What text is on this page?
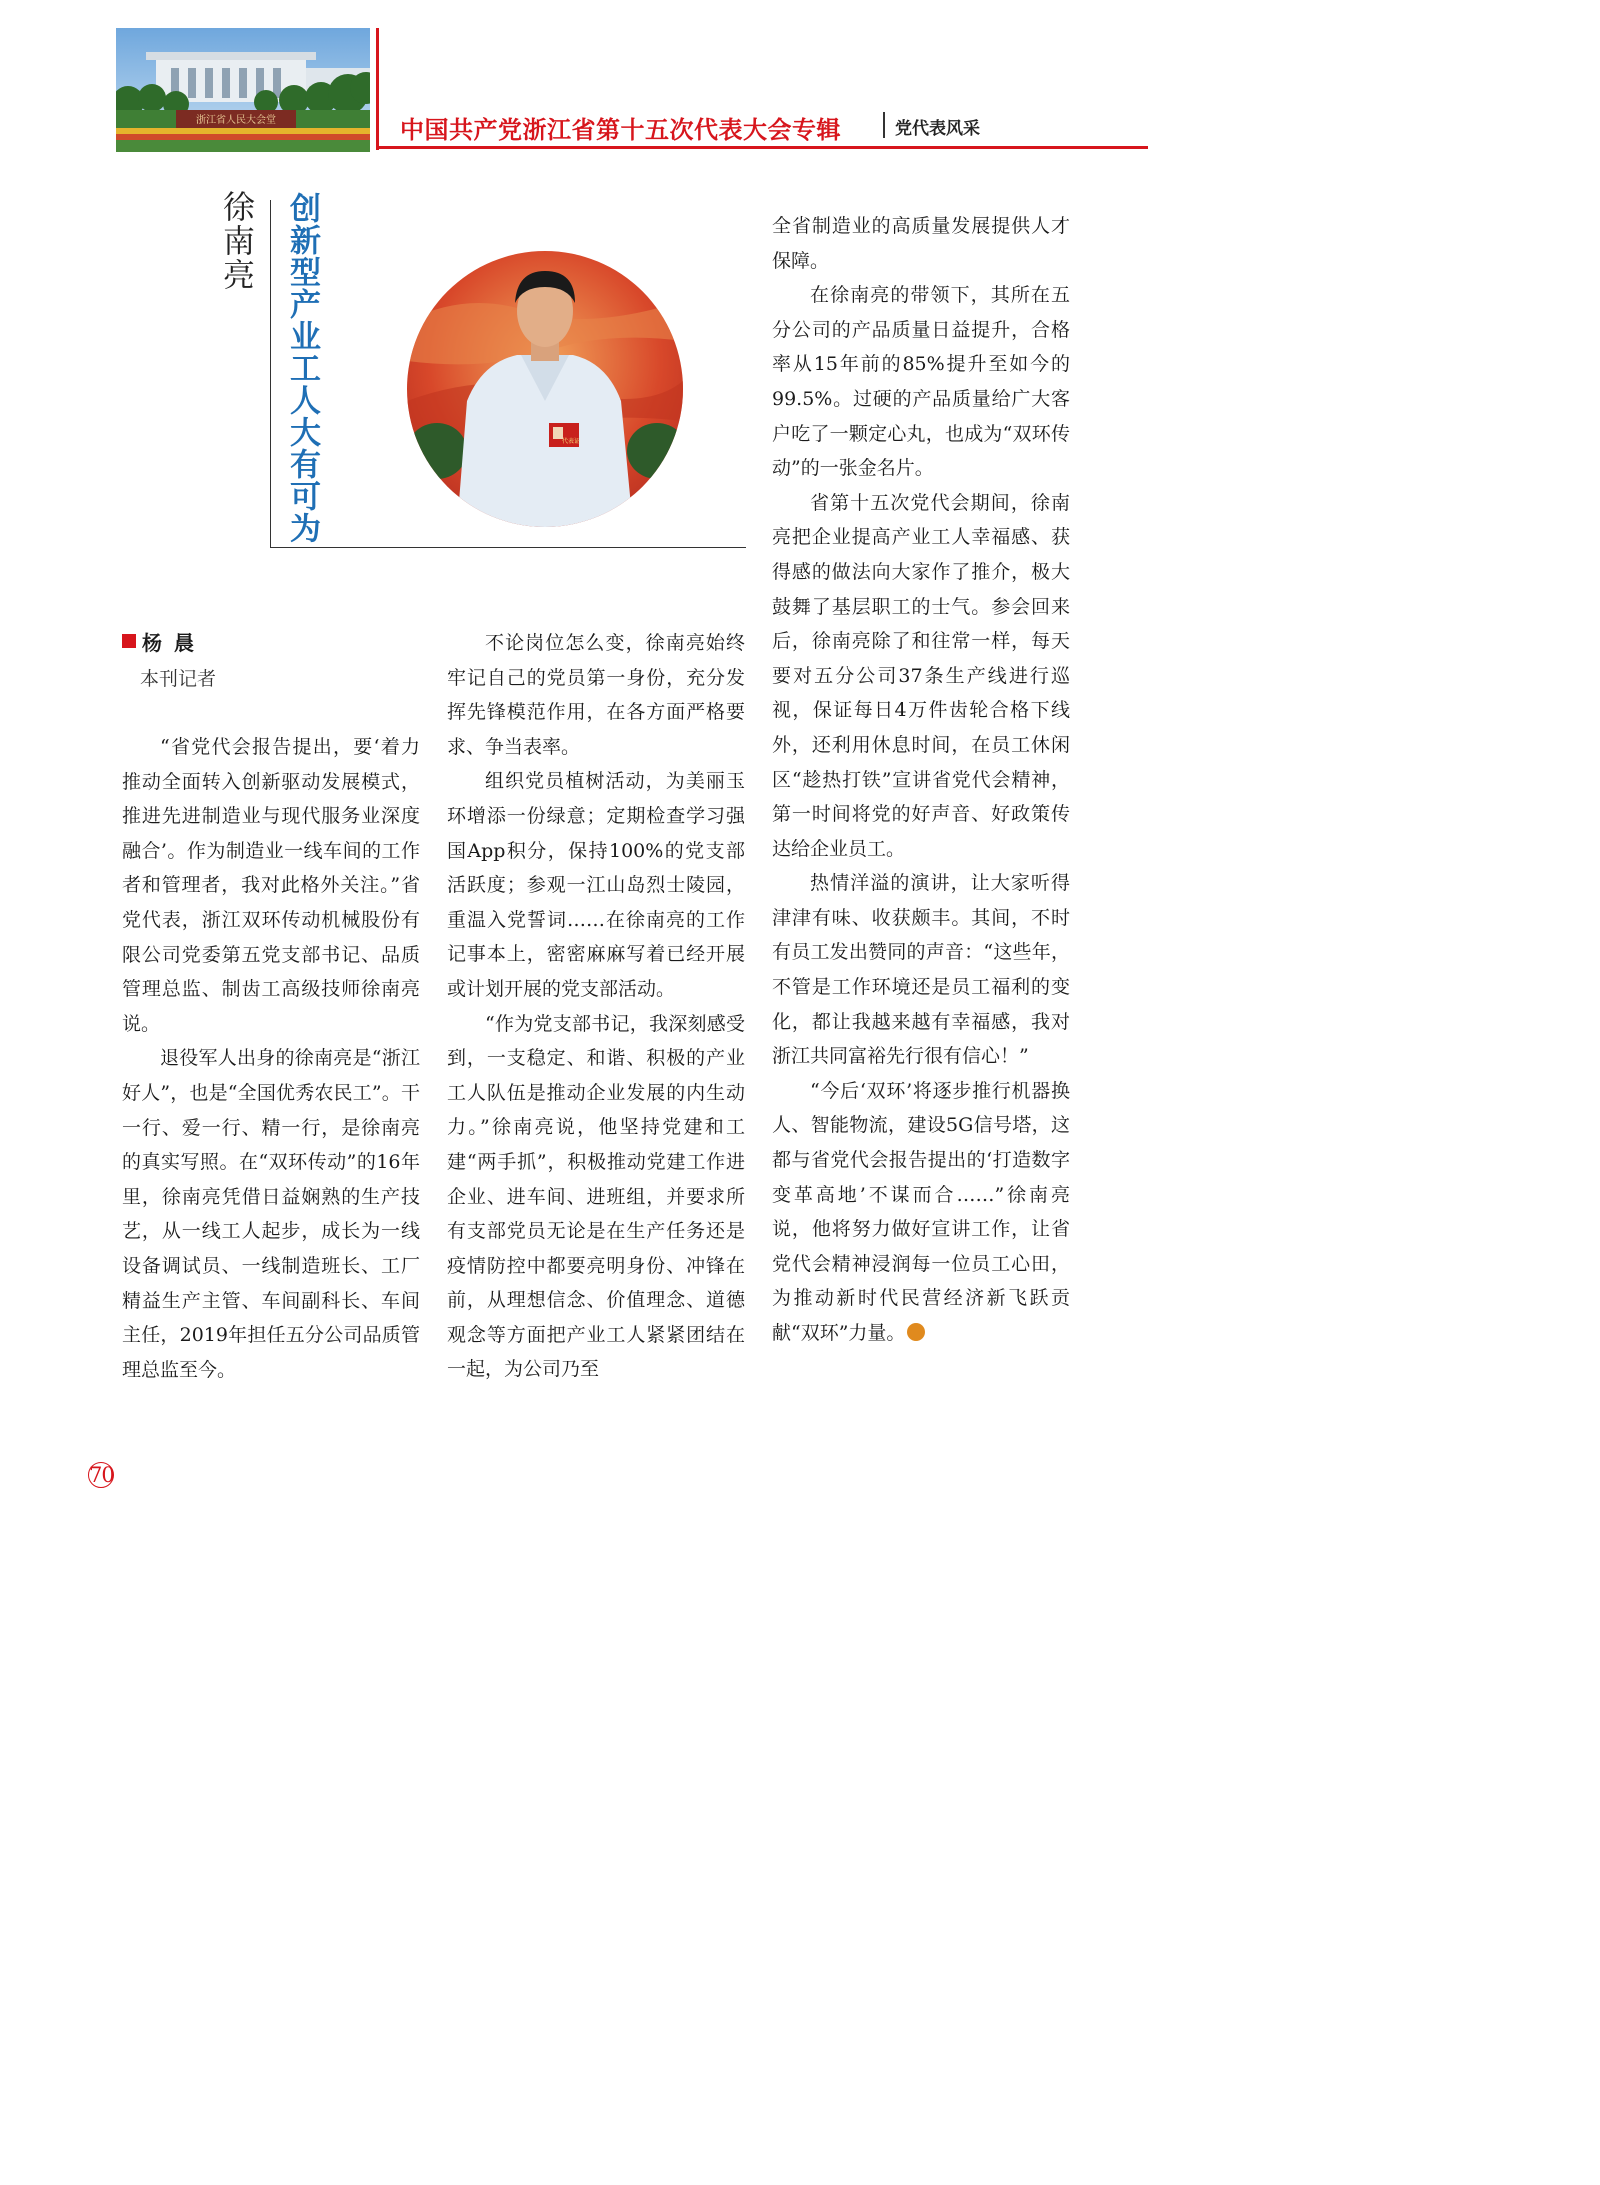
浙江省人民大会堂	中国共产党浙江省第十五次代表大会专辑	党代表风采
徐南亮 创新型产业工人大有可为	代表证
杨晨
本刊记者

“省党代会报告提出，要‘着力推动全面转入创新驱动发展模式，推进先进制造业与现代服务业深度融合’。作为制造业一线车间的工作者和管理者，我对此格外关注。”省党代表，浙江双环传动机械股份有限公司党委第五党支部书记、品质管理总监、制齿工高级技师徐南亮说。

退役军人出身的徐南亮是“浙江好人”，也是“全国优秀农民工”。干一行、爱一行、精一行，是徐南亮的真实写照。在“双环传动”的16年里，徐南亮凭借日益娴熟的生产技艺，从一线工人起步，成长为一线设备调试员、一线制造班长、工厂精益生产主管、车间副科长、车间主任，2019年担任五分公司品质管理总监至今。

不论岗位怎么变，徐南亮始终牢记自己的党员第一身份，充分发挥先锋模范作用，在各方面严格要求、争当表率。

组织党员植树活动，为美丽玉环增添一份绿意；定期检查学习强国App积分，保持100%的党支部活跃度；参观一江山岛烈士陵园，重温入党誓词……在徐南亮的工作记事本上，密密麻麻写着已经开展或计划开展的党支部活动。

“作为党支部书记，我深刻感受到，一支稳定、和谐、积极的产业工人队伍是推动企业发展的内生动力。”徐南亮说，他坚持党建和工建“两手抓”，积极推动党建工作进企业、进车间、进班组，并要求所有支部党员无论是在生产任务还是疫情防控中都要亮明身份、冲锋在前，从理想信念、价值理念、道德观念等方面把产业工人紧紧团结在一起，为公司乃至

全省制造业的高质量发展提供人才保障。

在徐南亮的带领下，其所在五分公司的产品质量日益提升，合格率从15年前的85%提升至如今的99.5%。过硬的产品质量给广大客户吃了一颗定心丸，也成为“双环传动”的一张金名片。

省第十五次党代会期间，徐南亮把企业提高产业工人幸福感、获得感的做法向大家作了推介，极大鼓舞了基层职工的士气。参会回来后，徐南亮除了和往常一样，每天要对五分公司37条生产线进行巡视，保证每日4万件齿轮合格下线外，还利用休息时间，在员工休闲区“趁热打铁”宣讲省党代会精神，第一时间将党的好声音、好政策传达给企业员工。

热情洋溢的演讲，让大家听得津津有味、收获颇丰。其间，不时有员工发出赞同的声音：“这些年，不管是工作环境还是员工福利的变化，都让我越来越有幸福感，我对浙江共同富裕先行很有信心！”

“今后‘双环’将逐步推行机器换人、智能物流，建设5G信号塔，这都与省党代会报告提出的‘打造数字变革高地’不谋而合……”徐南亮说，他将努力做好宣讲工作，让省党代会精神浸润每一位员工心田，为推动新时代民营经济新飞跃贡献“双环”力量。^

70
